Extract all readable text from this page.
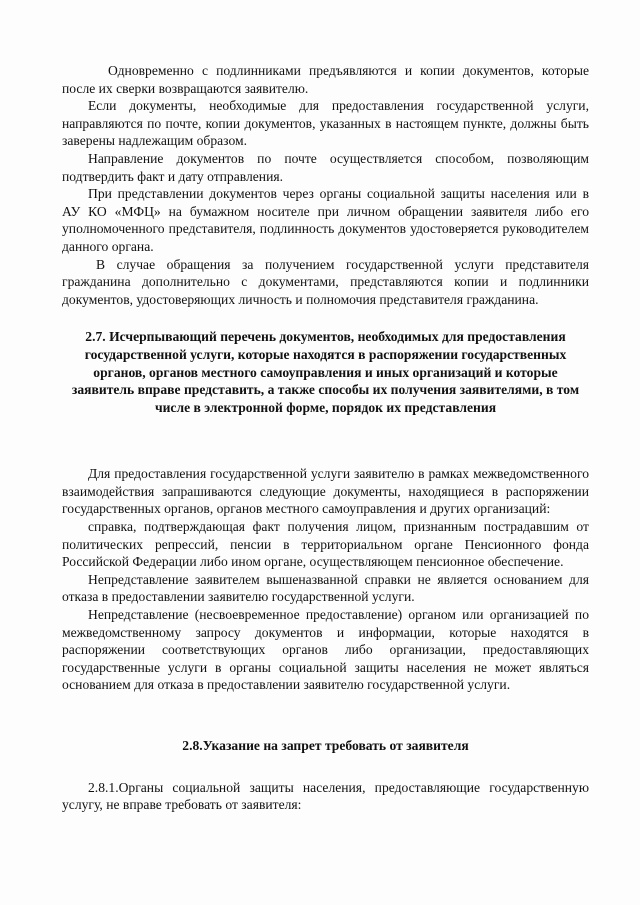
Одновременно с подлинниками предъявляются и копии документов, которые после их сверки возвращаются заявителю.

Если документы, необходимые для предоставления государственной услуги, направляются по почте, копии документов, указанных в настоящем пункте, должны быть заверены надлежащим образом.

Направление документов по почте осуществляется способом, позволяющим подтвердить факт и дату отправления.

При представлении документов через органы социальной защиты населения или в АУ КО «МФЦ» на бумажном носителе при личном обращении заявителя либо его уполномоченного представителя, подлинность документов удостоверяется руководителем данного органа.

В случае обращения за получением государственной услуги представителя гражданина дополнительно с документами, представляются копии и подлинники документов, удостоверяющих личность и полномочия представителя гражданина.

2.7. Исчерпывающий перечень документов, необходимых для предоставления государственной услуги, которые находятся в распоряжении государственных органов, органов местного самоуправления и иных организаций и которые заявитель вправе представить, а также способы их получения заявителями, в том числе в электронной форме, порядок их представления

Для предоставления государственной услуги заявителю в рамках межведомственного взаимодействия запрашиваются следующие документы, находящиеся в распоряжении государственных органов, органов местного самоуправления и других организаций:

справка, подтверждающая факт получения лицом, признанным пострадавшим от политических репрессий, пенсии в территориальном органе Пенсионного фонда Российской Федерации либо ином органе, осуществляющем пенсионное обеспечение.

Непредставление заявителем вышеназванной справки не является основанием для отказа в предоставлении заявителю государственной услуги.

Непредставление (несвоевременное предоставление) органом или организацией по межведомственному запросу документов и информации, которые находятся в распоряжении соответствующих органов либо организации, предоставляющих государственные услуги в органы социальной защиты населения не может являться основанием для отказа в предоставлении заявителю государственной услуги.

2.8.Указание на запрет требовать от заявителя

2.8.1.Органы социальной защиты населения, предоставляющие государственную услугу, не вправе требовать от заявителя:
